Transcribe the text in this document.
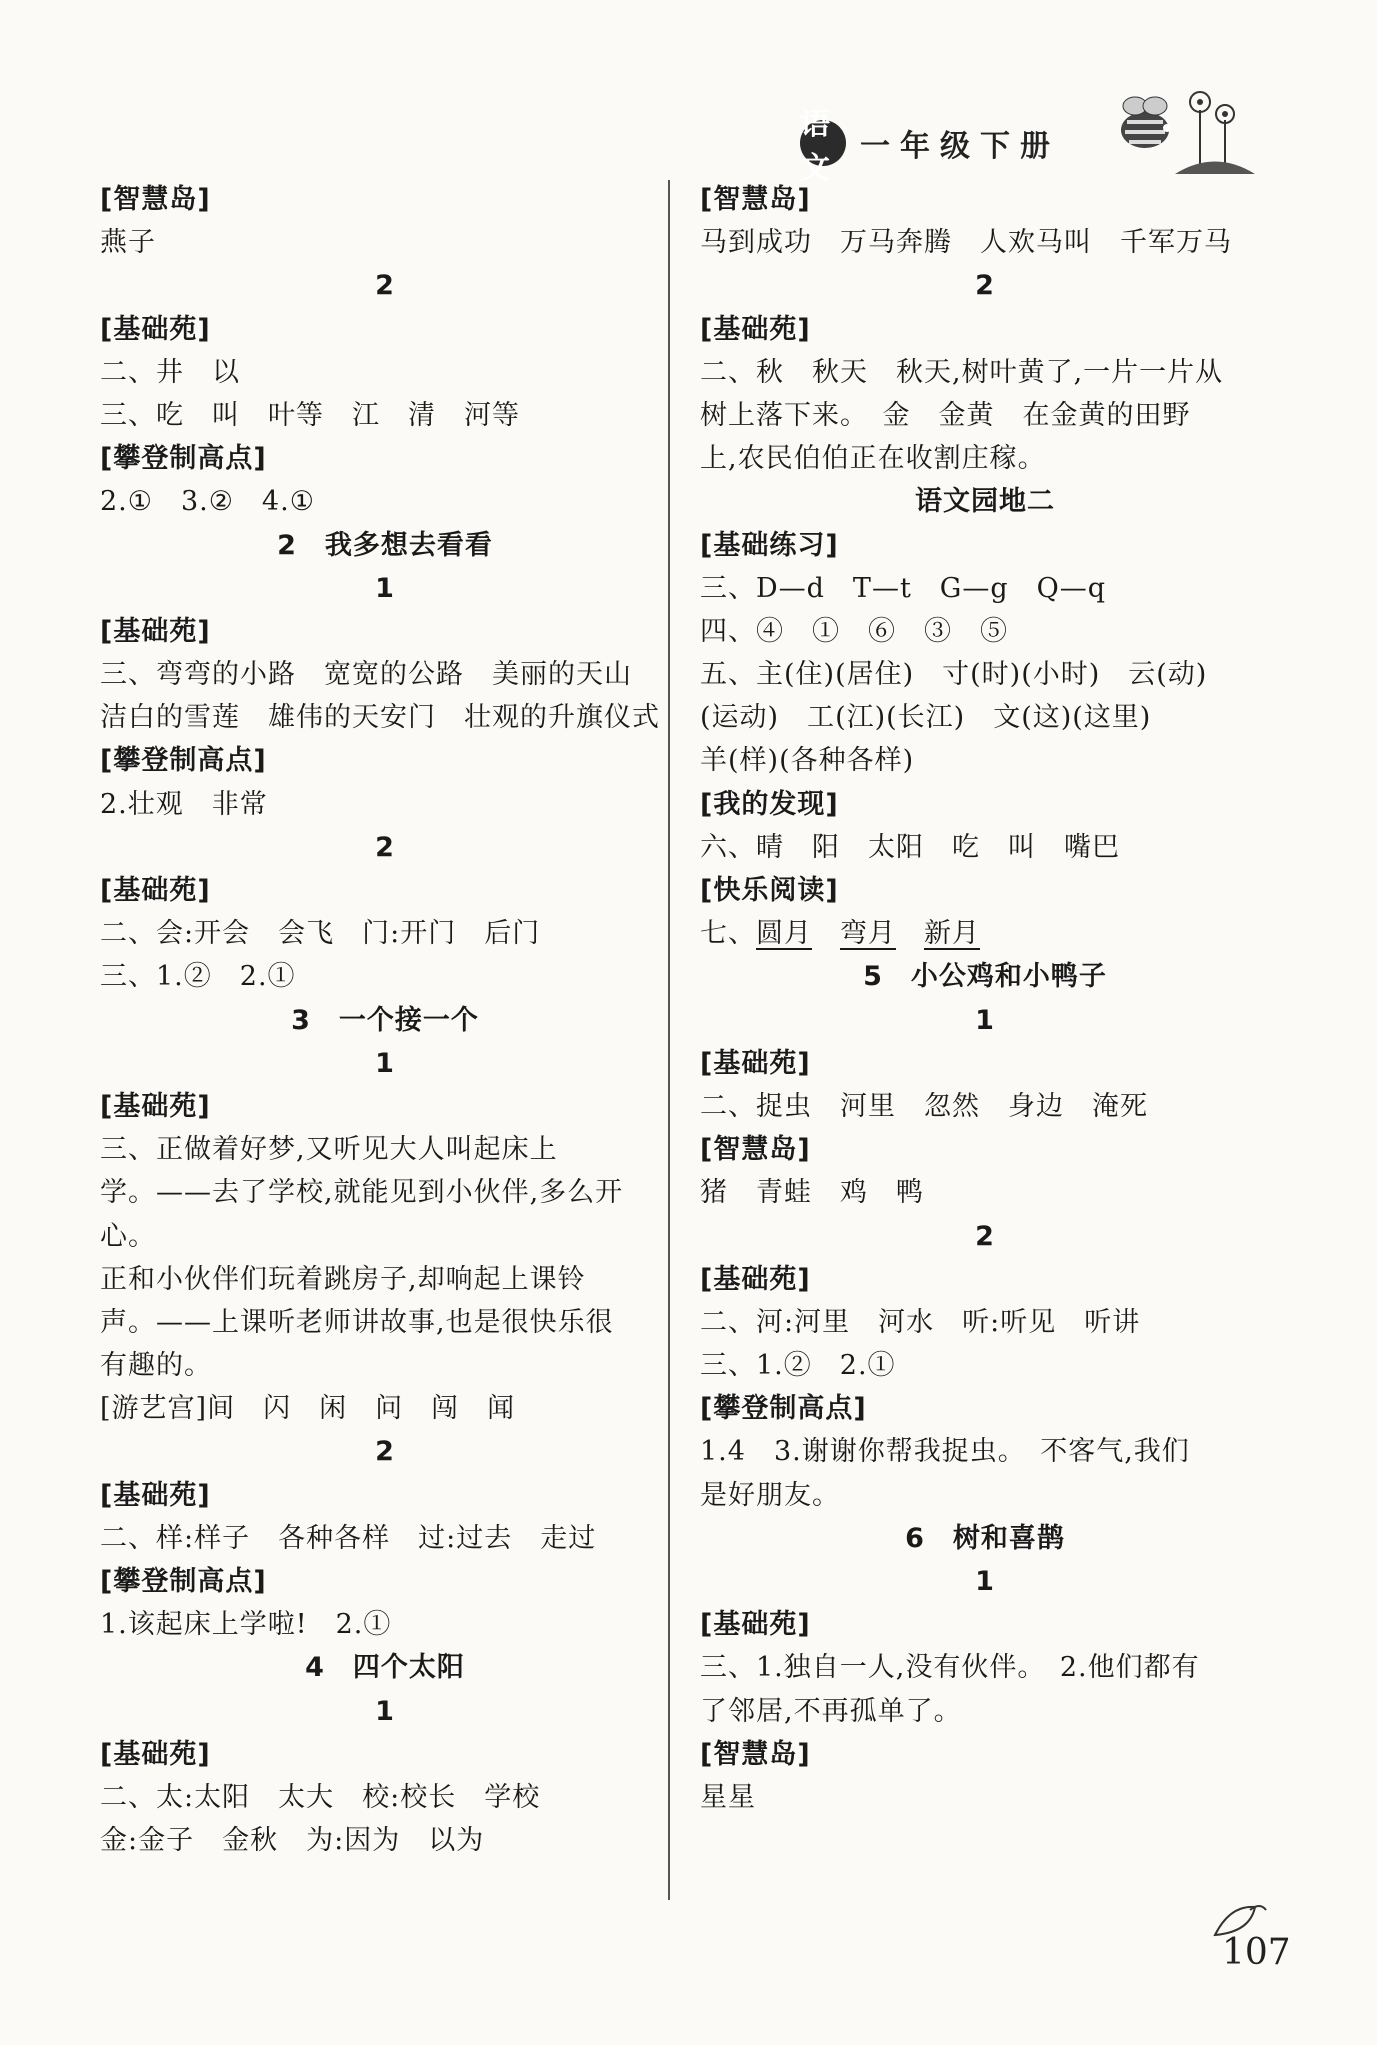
语文
一年级下册
[智慧岛]
燕子
2
[基础苑]
二、井　以
三、吃　叫　叶等　江　清　河等
[攀登制高点]
2.①　3.②　4.①
2　我多想去看看
1
[基础苑]
三、弯弯的小路　宽宽的公路　美丽的天山
洁白的雪莲　雄伟的天安门　壮观的升旗仪式
[攀登制高点]
2.壮观　非常
2
[基础苑]
二、会:开会　会飞　门:开门　后门
三、1.②　2.①
3　一个接一个
1
[基础苑]
三、正做着好梦,又听见大人叫起床上
学。——去了学校,就能见到小伙伴,多么开
心。
正和小伙伴们玩着跳房子,却响起上课铃
声。——上课听老师讲故事,也是很快乐很
有趣的。
[游艺宫]间　闪　闲　问　闯　闻
2
[基础苑]
二、样:样子　各种各样　过:过去　走过
[攀登制高点]
1.该起床上学啦!　2.①
4　四个太阳
1
[基础苑]
二、太:太阳　太大　校:校长　学校
金:金子　金秋　为:因为　以为
[智慧岛]
马到成功　万马奔腾　人欢马叫　千军万马
2
[基础苑]
二、秋　秋天　秋天,树叶黄了,一片一片从
树上落下来。　金　金黄　在金黄的田野
上,农民伯伯正在收割庄稼。
语文园地二
[基础练习]
三、D—d　T—t　G—g　Q—q
四、④　①　⑥　③　⑤
五、主(住)(居住)　寸(时)(小时)　云(动)
(运动)　工(江)(长江)　文(这)(这里)
羊(样)(各种各样)
[我的发现]
六、晴　阳　太阳　吃　叫　嘴巴
[快乐阅读]
七、圆月　 弯月　 新月
5　小公鸡和小鸭子
1
[基础苑]
二、捉虫　河里　忽然　身边　淹死
[智慧岛]
猪　青蛙　鸡　鸭
2
[基础苑]
二、河:河里　河水　听:听见　听讲
三、1.②　2.①
[攀登制高点]
1.4　3.谢谢你帮我捉虫。　不客气,我们
是好朋友。
6　树和喜鹊
1
[基础苑]
三、1.独自一人,没有伙伴。　2.他们都有
了邻居,不再孤单了。
[智慧岛]
星星
107
